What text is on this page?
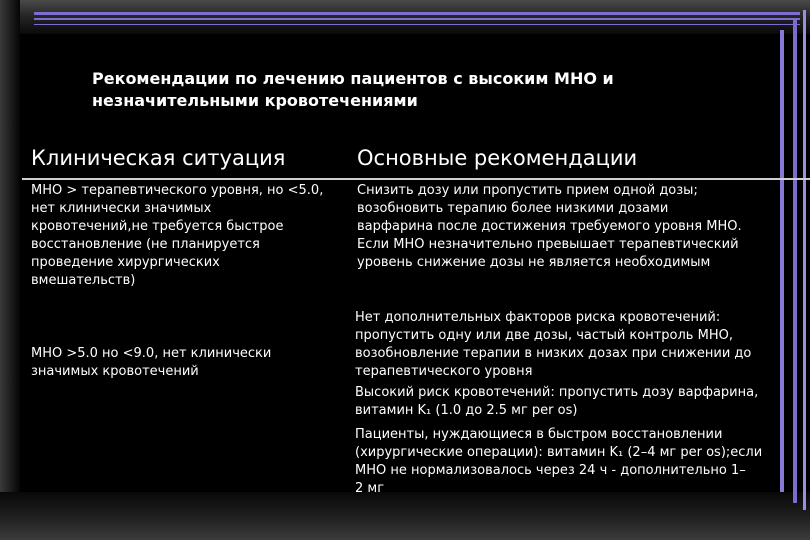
Рекомендации по лечению пациентов с высоким МНО и
незначительными кровотечениями
Клиническая ситуация	Основные рекомендации
МНО > терапевтического уровня, но <5.0,
нет клинически значимых
кровотечений,не требуется быстрое
восстановление (не планируется
проведение хирургических
вмешательств)
Снизить дозу или пропустить прием одной дозы;
возобновить терапию более низкими дозами
варфарина после достижения требуемого уровня МНО.
Если МНО незначительно превышает терапевтический
уровень снижение дозы не является необходимым
МНО >5.0 но <9.0, нет клинически
значимых кровотечений
Нет дополнительных факторов риска кровотечений:
пропустить одну или две дозы, частый контроль МНО,
возобновление терапии в низких дозах при снижении до
терапевтического уровня
Высокий риск кровотечений: пропустить дозу варфарина,
витамин K₁ (1.0 до 2.5 мг per os)
Пациенты, нуждающиеся в быстром восстановлении
(хирургические операции): витамин K₁ (2–4 мг per os);если
МНО не нормализовалось через 24 ч - дополнительно 1–
2 мг
